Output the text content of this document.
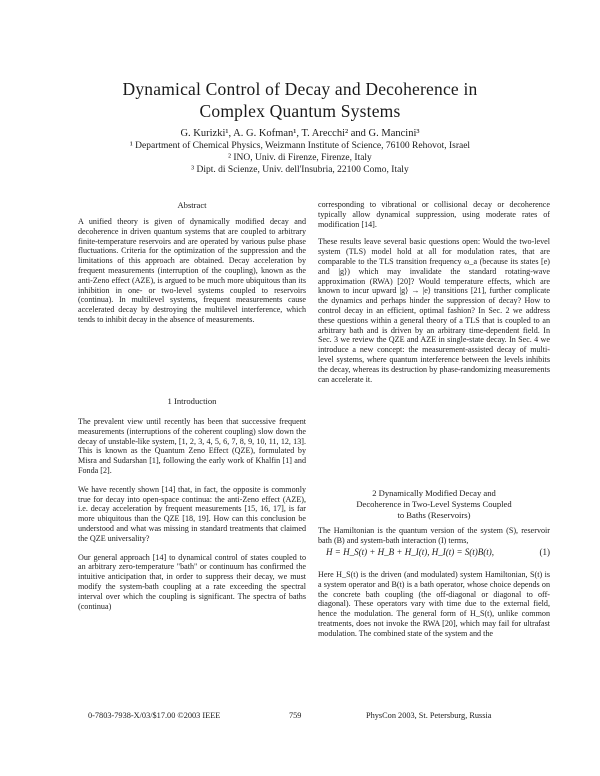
Dynamical Control of Decay and Decoherence in
Complex Quantum Systems
G. Kurizki¹, A. G. Kofman¹, T. Arecchi² and G. Mancini³
¹ Department of Chemical Physics, Weizmann Institute of Science, 76100 Rehovot, Israel
² INO, Univ. di Firenze, Firenze, Italy
³ Dipt. di Scienze, Univ. dell'Insubria, 22100 Como, Italy
Abstract
A unified theory is given of dynamically modified decay and decoherence in driven quantum systems that are coupled to arbitrary finite-temperature reservoirs and are operated by various pulse phase fluctuations. Criteria for the optimization of the suppression and the limitations of this approach are obtained. Decay acceleration by frequent measurements (interruption of the coupling), known as the anti-Zeno effect (AZE), is argued to be much more ubiquitous than its inhibition in one- or two-level systems coupled to reservoirs (continua). In multilevel systems, frequent measurements cause accelerated decay by destroying the multilevel interference, which tends to inhibit decay in the absence of measurements.
1 Introduction
The prevalent view until recently has been that successive frequent measurements (interruptions of the coherent coupling) slow down the decay of unstable-like system, [1, 2, 3, 4, 5, 6, 7, 8, 9, 10, 11, 12, 13]. This is known as the Quantum Zeno Effect (QZE), formulated by Misra and Sudarshan [1], following the early work of Khalfin [1] and Fonda [2].
We have recently shown [14] that, in fact, the opposite is commonly true for decay into open-space continua: the anti-Zeno effect (AZE), i.e. decay acceleration by frequent measurements [15, 16, 17], is far more ubiquitous than the QZE [18, 19]. How can this conclusion be understood and what was missing in standard treatments that claimed the QZE universality?
Our general approach [14] to dynamical control of states coupled to an arbitrary zero-temperature "bath" or continuum has confirmed the intuitive anticipation that, in order to suppress their decay, we must modify the system-bath coupling at a rate exceeding the spectral interval over which the coupling is significant. The spectra of baths (continua)
corresponding to vibrational or collisional decay or decoherence typically allow dynamical suppression, using moderate rates of modification [14].
These results leave several basic questions open: Would the two-level system (TLS) model hold at all for modulation rates, that are comparable to the TLS transition frequency ω_a (because its states [e) and |g⟩) which may invalidate the standard rotating-wave approximation (RWA) [20]? Would temperature effects, which are known to incur upward |g⟩ → |e⟩ transitions [21], further complicate the dynamics and perhaps hinder the suppression of decay? How to control decay in an efficient, optimal fashion? In Sec. 2 we address these questions within a general theory of a TLS that is coupled to an arbitrary bath and is driven by an arbitrary time-dependent field. In Sec. 3 we review the QZE and AZE in single-state decay. In Sec. 4 we introduce a new concept: the measurement-assisted decay of multi-level systems, where quantum interference between the levels inhibits the decay, whereas its destruction by phase-randomizing measurements can accelerate it.
2 Dynamically Modified Decay and
Decoherence in Two-Level Systems Coupled
to Baths (Reservoirs)
The Hamiltonian is the quantum version of the system (S), reservoir bath (B) and system-bath interaction (I) terms,
H = H_S(t) + H_B + H_I(t), H_I(t) = S(t)B(t),	(1)
Here H_S(t) is the driven (and modulated) system Hamiltonian, S(t) is a system operator and B(t) is a bath operator, whose choice depends on the concrete bath coupling (the off-diagonal or diagonal to off-diagonal). These operators vary with time due to the external field, hence the modulation. The general form of H_S(t), unlike common treatments, does not invoke the RWA [20], which may fail for ultrafast modulation. The combined state of the system and the
0-7803-7938-X/03/$17.00 ©2003 IEEE	759	PhysCon 2003, St. Petersburg, Russia
